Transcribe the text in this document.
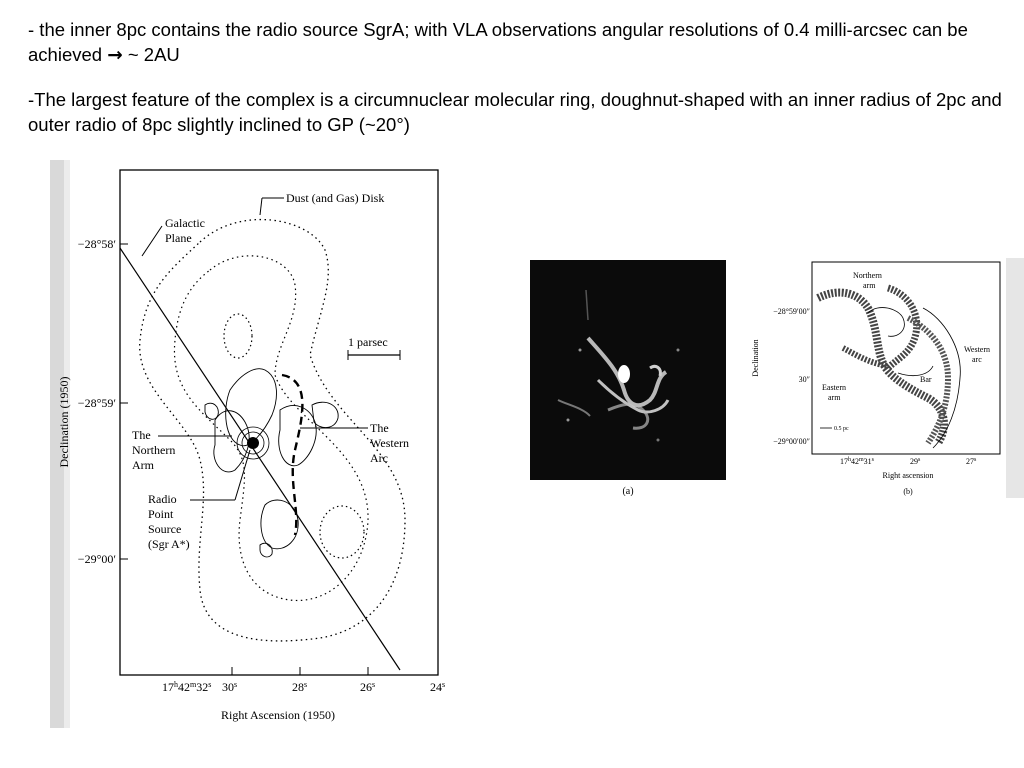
- the inner 8pc contains the radio source SgrA; with VLA observations angular resolutions of 0.4 milli-arcsec can be achieved → ~ 2AU

-The largest feature of the complex is a circumnuclear molecular ring, doughnut-shaped with an inner radius of 2pc and outer radio of 8pc slightly inclined to GP (~20°)

1 parsec
Dust (and Gas) Disk
Galactic
Plane
The
Western
Arc
The
Northern
Arm
Radio
Point
Source
(Sgr A*)
−28°58′
−28°59′
−29°00′
Declination (1950)
17$^h$42$^m$32$^s$ 30$^s$	28$^s$	26$^s$	24$^s$
Right Ascension (1950)
(a)
Northern
arm
Western
arc
Eastern
arm
Bar
0.5 pc
−28°59′00″
30″
−29°00′00″
Declination
17$^h$42$^m$31$^s$	29$^s$	27$^s$
Right ascension
(b)
